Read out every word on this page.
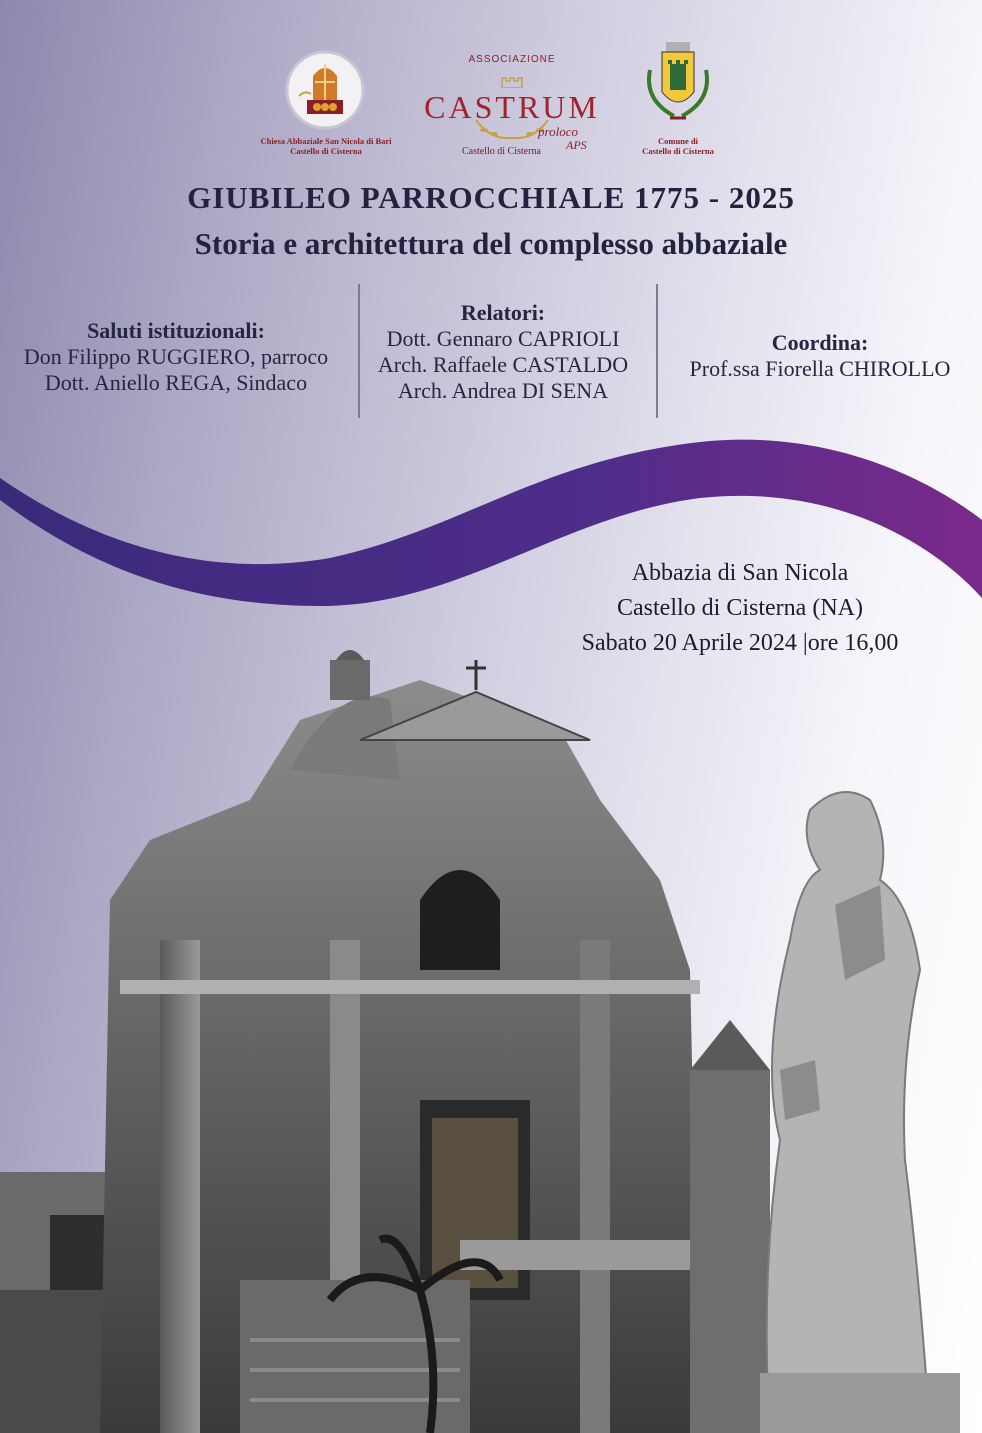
Chiesa Abbaziale San Nicola di Bari
Castello di Cisterna
ASSOCIAZIONE
CASTRUM
proloco
APS
Castello di Cisterna
Comune di
Castello di Cisterna
GIUBILEO PARROCCHIALE 1775 - 2025
Storia e architettura del complesso abbaziale
Saluti istituzionali:
Don Filippo RUGGIERO, parroco
Dott. Aniello REGA, Sindaco
Relatori:
Dott. Gennaro CAPRIOLI
Arch. Raffaele CASTALDO
Arch. Andrea DI SENA
Coordina:
Prof.ssa Fiorella CHIROLLO
Abbazia di San Nicola
Castello di Cisterna (NA)
Sabato 20 Aprile 2024 |ore 16,00
